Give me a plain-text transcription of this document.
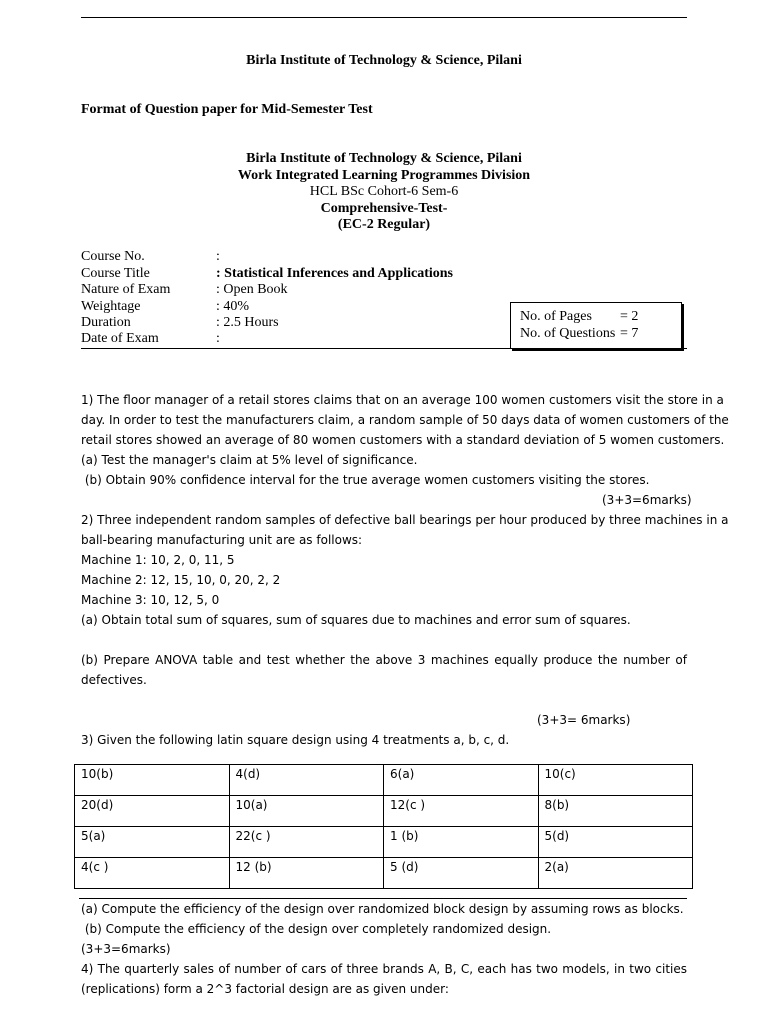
Birla Institute of Technology & Science, Pilani
Format of Question paper for Mid-Semester Test
Birla Institute of Technology & Science, Pilani
Work Integrated Learning Programmes Division
HCL BSc Cohort-6 Sem-6
Comprehensive-Test-
(EC-2 Regular)
Course No.	:
Course Title	: Statistical Inferences and Applications
Nature of Exam	: Open Book
Weightage	: 40%
Duration	: 2.5 Hours
Date of Exam	:
No. of Pages = 2
No. of Questions = 7
1) The floor manager of a retail stores claims that on an average 100 women customers visit the store in a
day. In order to test the manufacturers claim, a random sample of 50 days data of women customers of the
retail stores showed an average of 80 women customers with a standard deviation of 5 women customers.
(a) Test the manager's claim at 5% level of significance.
(b) Obtain 90% confidence interval for the true average women customers visiting the stores.
(3+3=6marks)
2) Three independent random samples of defective ball bearings per hour produced by three machines in a
ball-bearing manufacturing unit are as follows:
Machine 1: 10, 2, 0, 11, 5
Machine 2: 12, 15, 10, 0, 20, 2, 2
Machine 3: 10, 12, 5, 0
(a) Obtain total sum of squares, sum of squares due to machines and error sum of squares.
(b) Prepare ANOVA table and test whether the above 3 machines equally produce the number of
defectives.
(3+3= 6marks)
3) Given the following latin square design using 4 treatments a, b, c, d.
10(b)	4(d)	6(a)	10(c)
20(d)	10(a)	12(c )	8(b)
5(a)	22(c )	1 (b)	5(d)
4(c )	12 (b)	5 (d)	2(a)
(a) Compute the efficiency of the design over randomized block design by assuming rows as blocks.
(b) Compute the efficiency of the design over completely randomized design.
(3+3=6marks)
4) The quarterly sales of number of cars of three brands A, B, C, each has two models, in two cities
(replications) form a 2^3 factorial design are as given under:
